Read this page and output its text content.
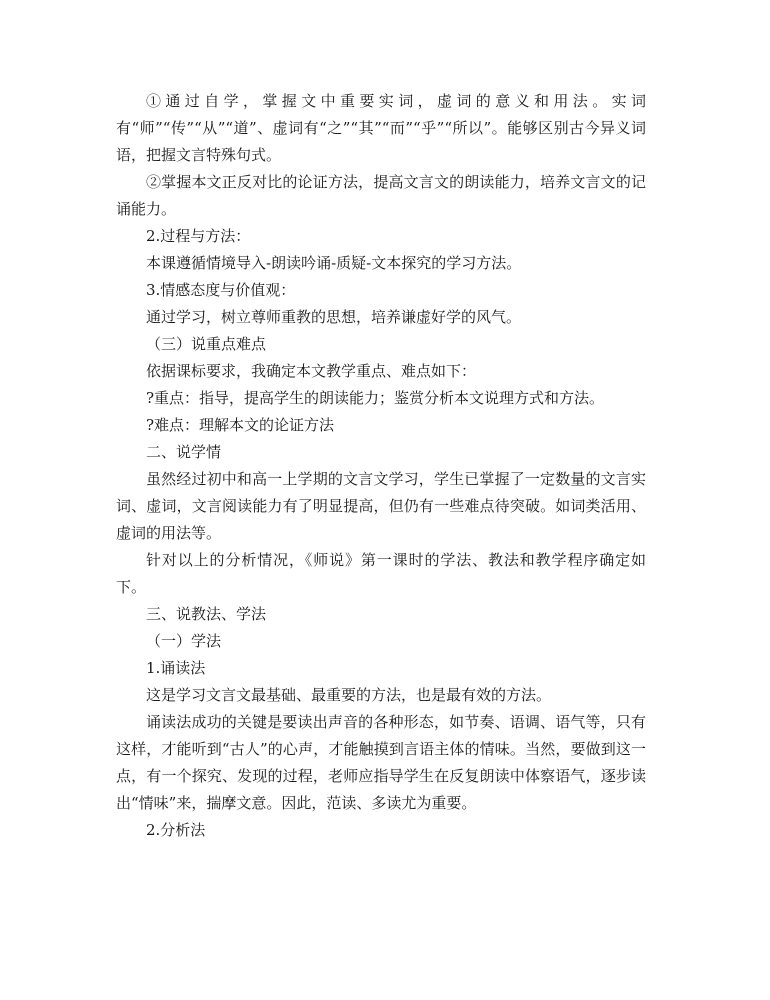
①通过自学，掌握文中重要实词，虚词的意义和用法。实词有“师”“传”“从”“道”、虚词有“之”“其”“而”“乎”“所以”。能够区别古今异义词语，把握文言特殊句式。

②掌握本文正反对比的论证方法，提高文言文的朗读能力，培养文言文的记诵能力。

2.过程与方法：

本课遵循情境导入-朗读吟诵-质疑-文本探究的学习方法。

3.情感态度与价值观：

通过学习，树立尊师重教的思想，培养谦虚好学的风气。

（三）说重点难点

依据课标要求，我确定本文教学重点、难点如下：

?重点：指导，提高学生的朗读能力；鉴赏分析本文说理方式和方法。

?难点：理解本文的论证方法

二、说学情

虽然经过初中和高一上学期的文言文学习，学生已掌握了一定数量的文言实词、虚词，文言阅读能力有了明显提高，但仍有一些难点待突破。如词类活用、虚词的用法等。

针对以上的分析情况，《师说》第一课时的学法、教法和教学程序确定如下。

三、说教法、学法

（一）学法

1.诵读法

这是学习文言文最基础、最重要的方法，也是最有效的方法。

诵读法成功的关键是要读出声音的各种形态，如节奏、语调、语气等，只有这样，才能听到“古人”的心声，才能触摸到言语主体的情味。当然，要做到这一点，有一个探究、发现的过程，老师应指导学生在反复朗读中体察语气，逐步读出“情味”来，揣摩文意。因此，范读、多读尤为重要。

2.分析法
